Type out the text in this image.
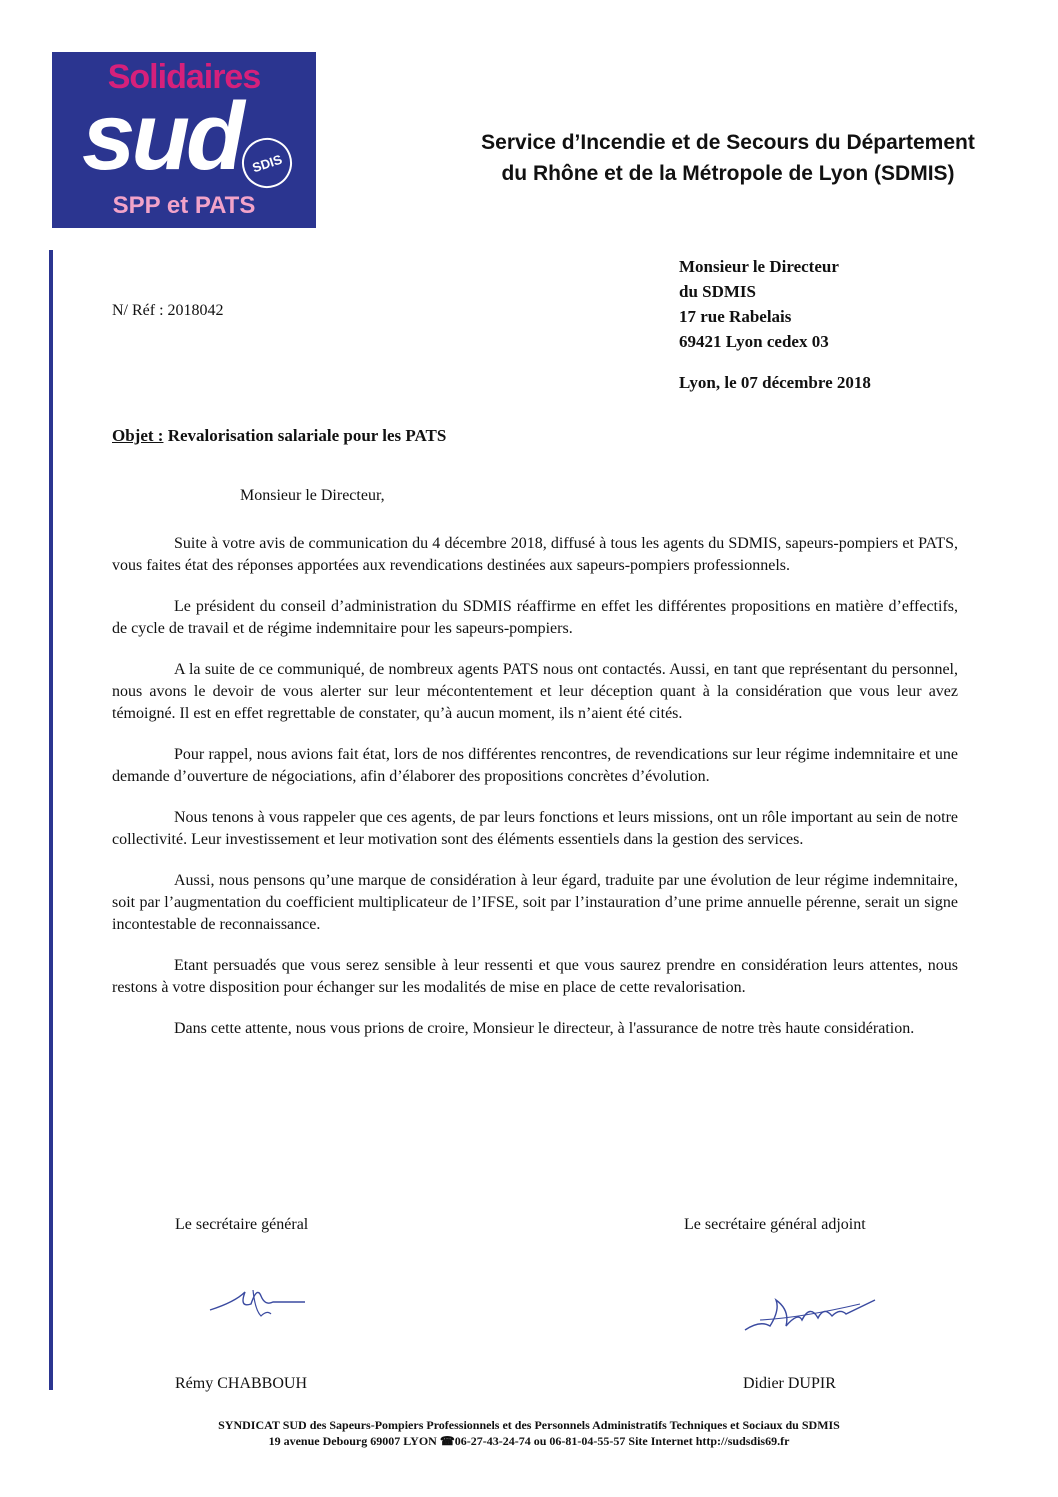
Solidaires
sud SDIS
SPP et PATS
Service d’Incendie et de Secours du Département
du Rhône et de la Métropole de Lyon (SDMIS)
N/ Réf : 2018042
Monsieur le Directeur
du SDMIS
17 rue Rabelais
69421 Lyon cedex 03
Lyon, le 07 décembre 2018
Objet : Revalorisation salariale pour les PATS
Monsieur le Directeur,

Suite à votre avis de communication du 4 décembre 2018, diffusé à tous les agents du SDMIS, sapeurs-pompiers et PATS, vous faites état des réponses apportées aux revendications destinées aux sapeurs-pompiers professionnels.

Le président du conseil d’administration du SDMIS réaffirme en effet les différentes propositions en matière d’effectifs, de cycle de travail et de régime indemnitaire pour les sapeurs-pompiers.

A la suite de ce communiqué, de nombreux agents PATS nous ont contactés. Aussi, en tant que représentant du personnel, nous avons le devoir de vous alerter sur leur mécontentement et leur déception quant à la considération que vous leur avez témoigné. Il est en effet regrettable de constater, qu’à aucun moment, ils n’aient été cités.

Pour rappel, nous avions fait état, lors de nos différentes rencontres, de revendications sur leur régime indemnitaire et une demande d’ouverture de négociations, afin d’élaborer des propositions concrètes d’évolution.

Nous tenons à vous rappeler que ces agents, de par leurs fonctions et leurs missions, ont un rôle important au sein de notre collectivité. Leur investissement et leur motivation sont des éléments essentiels dans la gestion des services.

Aussi, nous pensons qu’une marque de considération à leur égard, traduite par une évolution de leur régime indemnitaire, soit par l’augmentation du coefficient multiplicateur de l’IFSE, soit par l’instauration d’une prime annuelle pérenne, serait un signe incontestable de reconnaissance.

Etant persuadés que vous serez sensible à leur ressenti et que vous saurez prendre en considération leurs attentes, nous restons à votre disposition pour échanger sur les modalités de mise en place de cette revalorisation.

Dans cette attente, nous vous prions de croire, Monsieur le directeur, à l'assurance de notre très haute considération.

Le secrétaire général	Le secrétaire général adjoint
Rémy CHABBOUH	Didier DUPIR
SYNDICAT SUD des Sapeurs-Pompiers Professionnels et des Personnels Administratifs Techniques et Sociaux du SDMIS
19 avenue Debourg 69007 LYON ☎06-27-43-24-74 ou 06-81-04-55-57 Site Internet http://sudsdis69.fr
